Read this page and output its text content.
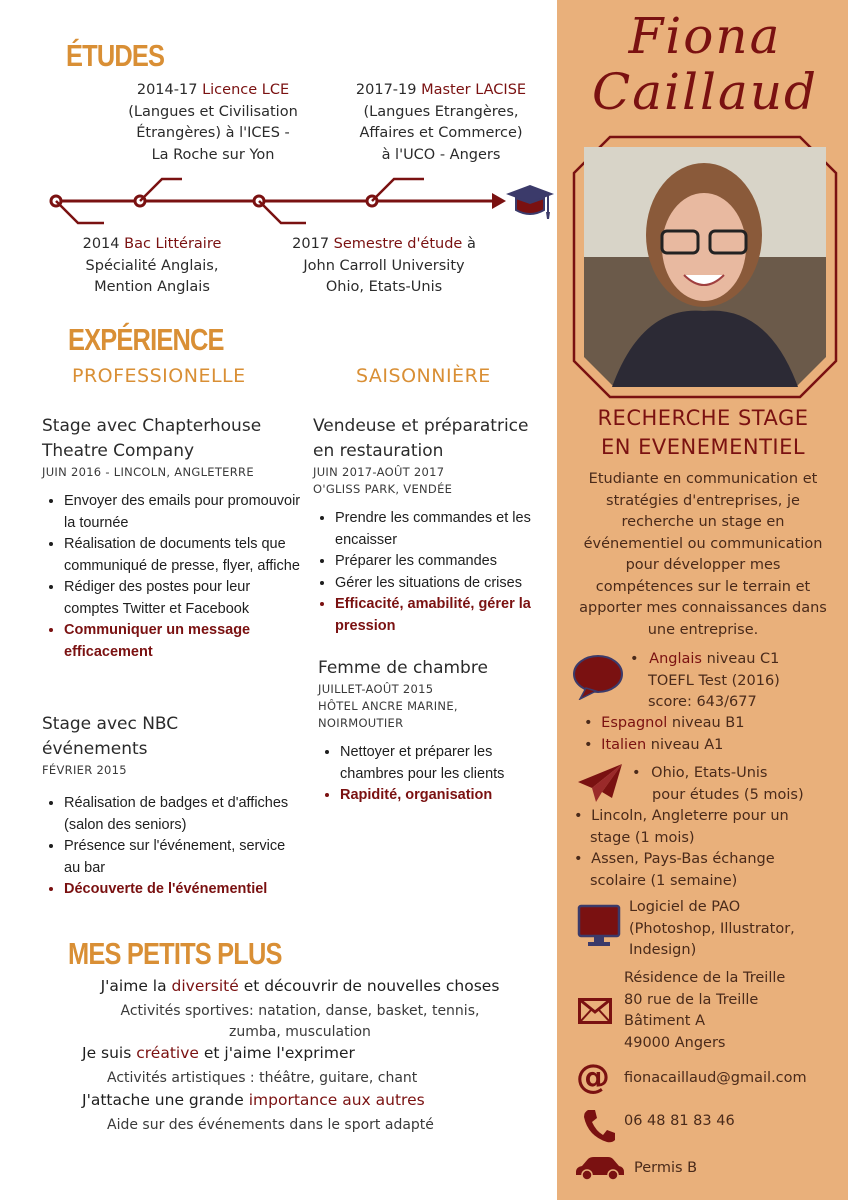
Fiona
Caillaud
RECHERCHE STAGE
EN EVENEMENTIEL
Etudiante en communication et
stratégies d'entreprises, je
recherche un stage en
événementiel ou communication
pour développer mes
compétences sur le terrain et
apporter mes connaissances dans
une entreprise.
• Anglais niveau C1
TOEFL Test (2016)
score: 643/677
• Espagnol niveau B1
• Italien niveau A1
• Ohio, Etats-Unis
pour études (5 mois)
• Lincoln, Angleterre pour un
stage (1 mois)
• Assen, Pays-Bas échange
scolaire (1 semaine)
Logiciel de PAO
(Photoshop, Illustrator,
Indesign)
Résidence de la Treille
80 rue de la Treille
Bâtiment A
49000 Angers
@ fionacaillaud@gmail.com
06 48 81 83 46
Permis B
ÉTUDES
2014-17 Licence LCE
(Langues et Civilisation
Étrangères) à l'ICES -
La Roche sur Yon
2017-19 Master LACISE
(Langues Etrangères,
Affaires et Commerce)
à l'UCO - Angers
2014 Bac Littéraire
Spécialité Anglais,
Mention Anglais
2017 Semestre d'étude à
John Carroll University
Ohio, Etats-Unis
EXPÉRIENCE
PROFESSIONELLE	SAISONNIÈRE
Stage avec Chapterhouse
Theatre Company
JUIN 2016 - LINCOLN, ANGLETERRE
• Envoyer des emails pour promouvoir la tournée
• Réalisation de documents tels que communiqué de presse, flyer, affiche
• Rédiger des postes pour leur comptes Twitter et Facebook
• Communiquer un message efficacement
Stage avec NBC
événements
FÉVRIER 2015
• Réalisation de badges et d'affiches (salon des seniors)
• Présence sur l'événement, service au bar
• Découverte de l'événementiel
Vendeuse et préparatrice
en restauration
JUIN 2017-AOÛT 2017
O'GLISS PARK, VENDÉE
• Prendre les commandes et les encaisser
• Préparer les commandes
• Gérer les situations de crises
• Efficacité, amabilité, gérer la pression
Femme de chambre
JUILLET-AOÛT 2015
HÔTEL ANCRE MARINE,
NOIRMOUTIER
• Nettoyer et préparer les chambres pour les clients
• Rapidité, organisation
MES PETITS PLUS
J'aime la diversité et découvrir de nouvelles choses
Activités sportives: natation, danse, basket, tennis,
zumba, musculation
Je suis créative et j'aime l'exprimer
Activités artistiques : théâtre, guitare, chant
J'attache une grande importance aux autres
Aide sur des événements dans le sport adapté
